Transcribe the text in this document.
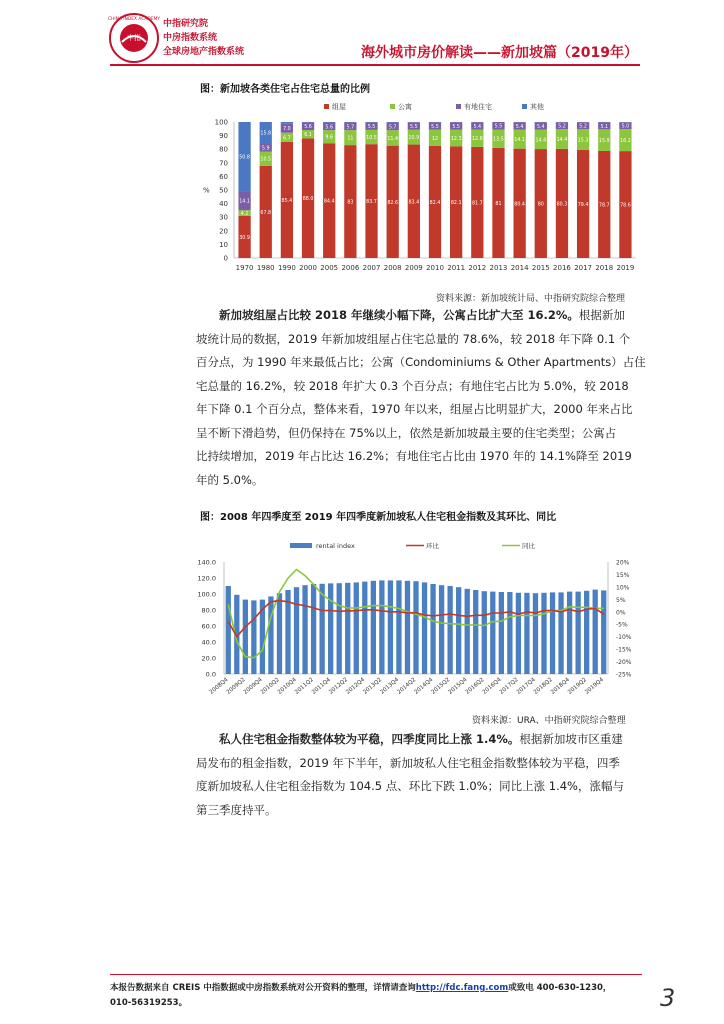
中指
CHINA INDEX ACADEMY 中指研究院
中房指数系统
全球房地产指数系统	海外城市房价解读——新加坡篇（2019年）
图：新加坡各类住宅占住宅总量的比例
组屋	公寓	有地住宅	其他
0
10
20
30
40
50
60
70
80
90
100
%
30.9
4.2
14.1
50.8
1970
67.8
10.5
5.9
15.8
1980
85.4
6.7
7.0
1990
88.0
6.1
5.6
2000
84.4
9.6
5.6
2005
83
11
5.7
2006
83.7
10.5
5.5
2007
82.6
11.4
5.7
2008
83.4
10.9
5.5
2009
82.4
12
5.5
2010
82.1
12.3
5.5
2011
81.7
12.8
5.4
2012
81
13.5
5.5
2013
80.4
14.1
5.4
2014
80
14.4
5.4
2015
80.3
14.4
5.2
2016
79.4
15.3
5.2
2017
78.7
15.9
5.1
2018
78.6
16.2
5.0
2019
资料来源：新加坡统计局、中指研究院综合整理
新加坡组屋占比较 2018 年继续小幅下降，公寓占比扩大至 16.2%。根据新加
坡统计局的数据，2019 年新加坡组屋占住宅总量的 78.6%，较 2018 年下降 0.1 个
百分点，为 1990 年来最低占比；公寓（Condominiums & Other Apartments）占住
宅总量的 16.2%，较 2018 年扩大 0.3 个百分点；有地住宅占比为 5.0%，较 2018
年下降 0.1 个百分点，整体来看，1970 年以来，组屋占比明显扩大，2000 年来占比
呈不断下滑趋势，但仍保持在 75%以上，依然是新加坡最主要的住宅类型；公寓占
比持续增加，2019 年占比达 16.2%；有地住宅占比由 1970 年的 14.1%降至 2019
年的 5.0%。
图：2008 年四季度至 2019 年四季度新加坡私人住宅租金指数及其环比、同比
rental index	环比	同比
0.0
20.0
40.0
60.0
80.0
100.0
120.0
140.0
-25%
-20%
-15%
-10%
-5%
0%
5%
10%
15%
20%
2008Q4
2009Q2
2009Q4
2010Q2
2010Q4
2011Q2
2011Q4
2012Q2
2012Q4
2013Q2
2013Q4
2014Q2
2014Q4
2015Q2
2015Q4
2016Q2
2016Q4
2017Q2
2017Q4
2018Q2
2018Q4
2019Q2
2019Q4
资料来源：URA、中指研究院综合整理
私人住宅租金指数整体较为平稳，四季度同比上涨 1.4%。根据新加坡市区重建
局发布的租金指数，2019 年下半年，新加坡私人住宅租金指数整体较为平稳，四季
度新加坡私人住宅租金指数为 104.5 点、环比下跌 1.0%；同比上涨 1.4%，涨幅与
第三季度持平。
本报告数据来自 CREIS 中指数据或中房指数系统对公开资料的整理，详情请查询http://fdc.fang.com或致电 400-630-1230，
010-56319253。	3
